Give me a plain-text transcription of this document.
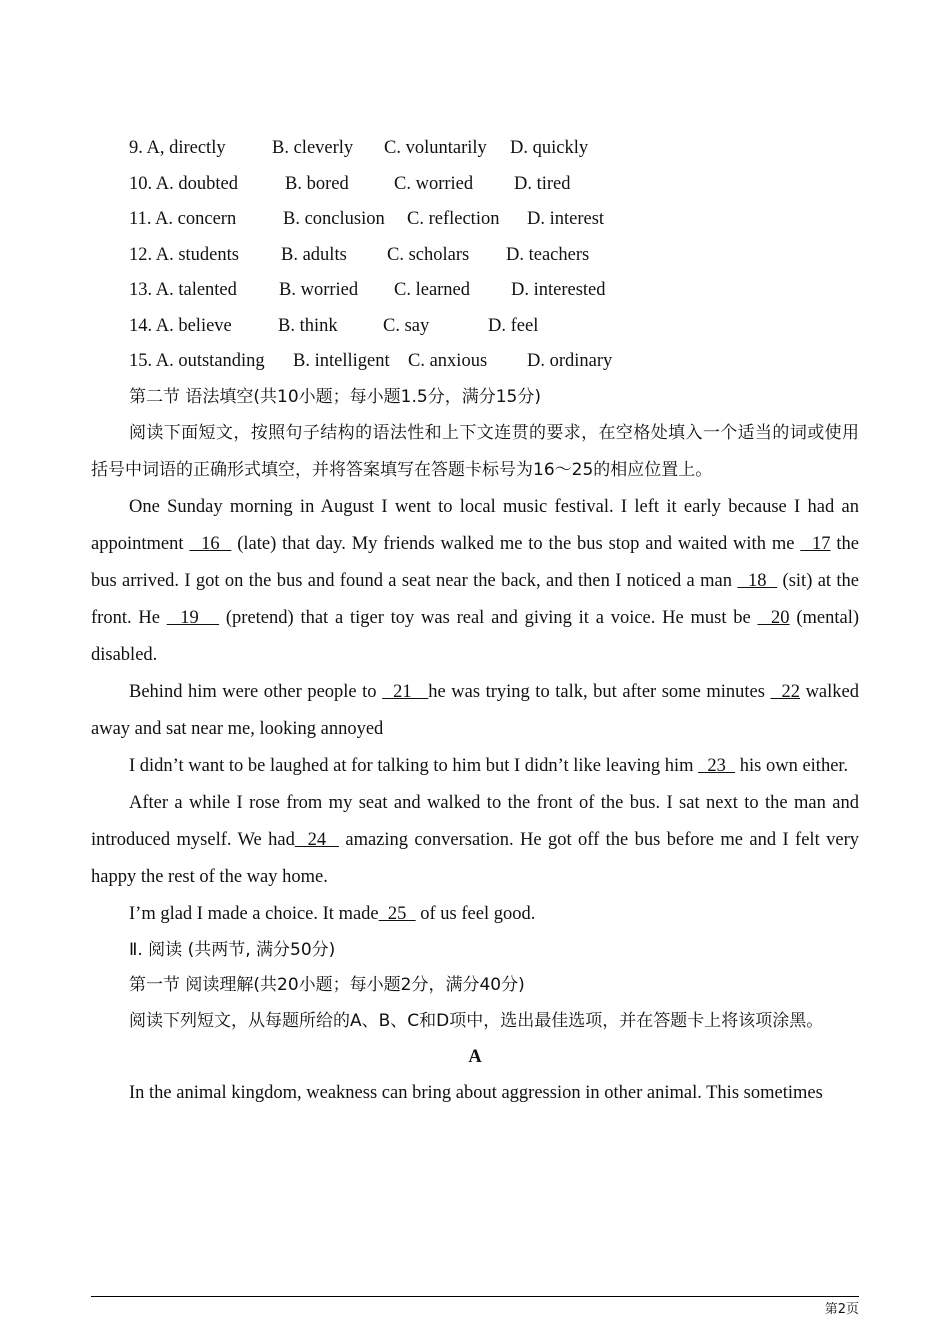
9. A, directly	B. cleverly C. voluntarily D. quickly
10. A. doubted	B. bored C. worried D. tired
11. A. concern	B. conclusion C. reflection D. interest
12. A. students B. adults C. scholars D. teachers
13. A. talented B. worried C. learned D. interested
14. A. believe B. think C. say	D. feel
15. A. outstanding B. intelligent C. anxious D. ordinary
第二节 语法填空(共10小题；每小题1.5分，满分15分)
阅读下面短文，按照句子结构的语法性和上下文连贯的要求，在空格处填入一个适当的词或使用括号中词语的正确形式填空，并将答案填写在答题卡标号为16～25的相应位置上。
One Sunday morning in August I went to local music festival. I left it early because I had an appointment   16   (late) that day. My friends walked me to the bus stop and waited with me   17 the bus arrived. I got on the bus and found a seat near the back, and then I noticed a man   18   (sit) at the front. He   19    (pretend) that a tiger toy was real and giving it a voice. He must be   20 (mental) disabled.
Behind him were other people to   21   he was trying to talk, but after some minutes   22 walked away and sat near me, looking annoyed
I didn’t want to be laughed at for talking to him but I didn’t like leaving him   23   his own either.
After a while I rose from my seat and walked to the front of the bus. I sat next to the man and introduced myself. We had  24   amazing conversation. He got off the bus before me and I felt very happy the rest of the way home.
I’m glad I made a choice. It made  25   of us feel good.
Ⅱ. 阅读 (共两节, 满分50分)
第一节 阅读理解(共20小题；每小题2分，满分40分)
阅读下列短文，从每题所给的A、B、C和D项中，选出最佳选项，并在答题卡上将该项涂黑。
A
In the animal kingdom, weakness can bring about aggression in other animal. This sometimes
第2页
